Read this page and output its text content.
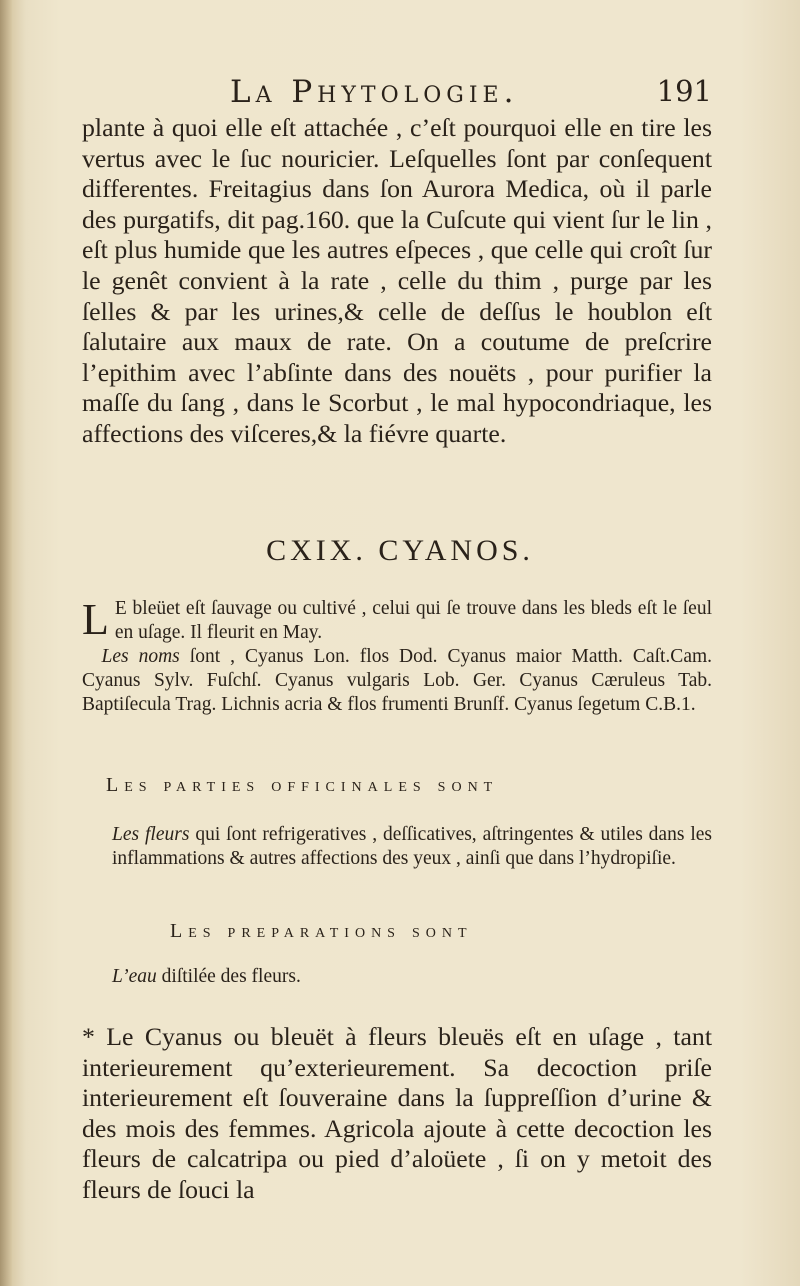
La Phytologie.	191

plante à quoi elle eſt attachée , c’eſt pourquoi elle en tire les vertus avec le ſuc nouricier. Leſquelles ſont par conſequent differentes. Freitagius dans ſon Aurora Medica, où il parle des purgatifs, dit pag.160. que la Cuſcute qui vient ſur le lin , eſt plus humide que les autres eſpeces , que celle qui croît ſur le genêt convient à la rate , celle du thim , purge par les ſelles & par les urines,& celle de deſſus le houblon eſt ſalutaire aux maux de rate. On a coutume de preſcrire l’epithim avec l’abſinte dans des nouëts , pour purifier la maſſe du ſang , dans le Scorbut , le mal hypocondriaque, les affections des viſceres,& la fiévre quarte.

CXIX. CYANOS.

L E bleüet eſt ſauvage ou cultivé , celui qui ſe trouve dans les bleds eſt le ſeul en uſage. Il fleurit en May.
 Les noms ſont , Cyanus Lon. flos Dod. Cyanus maior Matth. Caſt.Cam. Cyanus Sylv. Fuſchſ. Cyanus vulgaris Lob. Ger. Cyanus Cæruleus Tab. Baptiſecula Trag. Lichnis acria & flos frumenti Brunſf. Cyanus ſegetum C.B.1.

Les parties officinales sont

Les fleurs qui ſont refrigeratives , deſſicatives, aſtringentes & utiles dans les inflammations & autres affections des yeux , ainſi que dans l’hydropiſie.

Les preparations sont

L’eau diſtilée des fleurs.

* Le Cyanus ou bleuët à fleurs bleuës eſt en uſage , tant interieurement qu’exterieurement. Sa decoction priſe interieurement eſt ſouveraine dans la ſuppreſſion d’urine & des mois des femmes. Agricola ajoute à cette decoction les fleurs de calcatripa ou pied d’aloüete , ſi on y metoit des fleurs de ſouci la
